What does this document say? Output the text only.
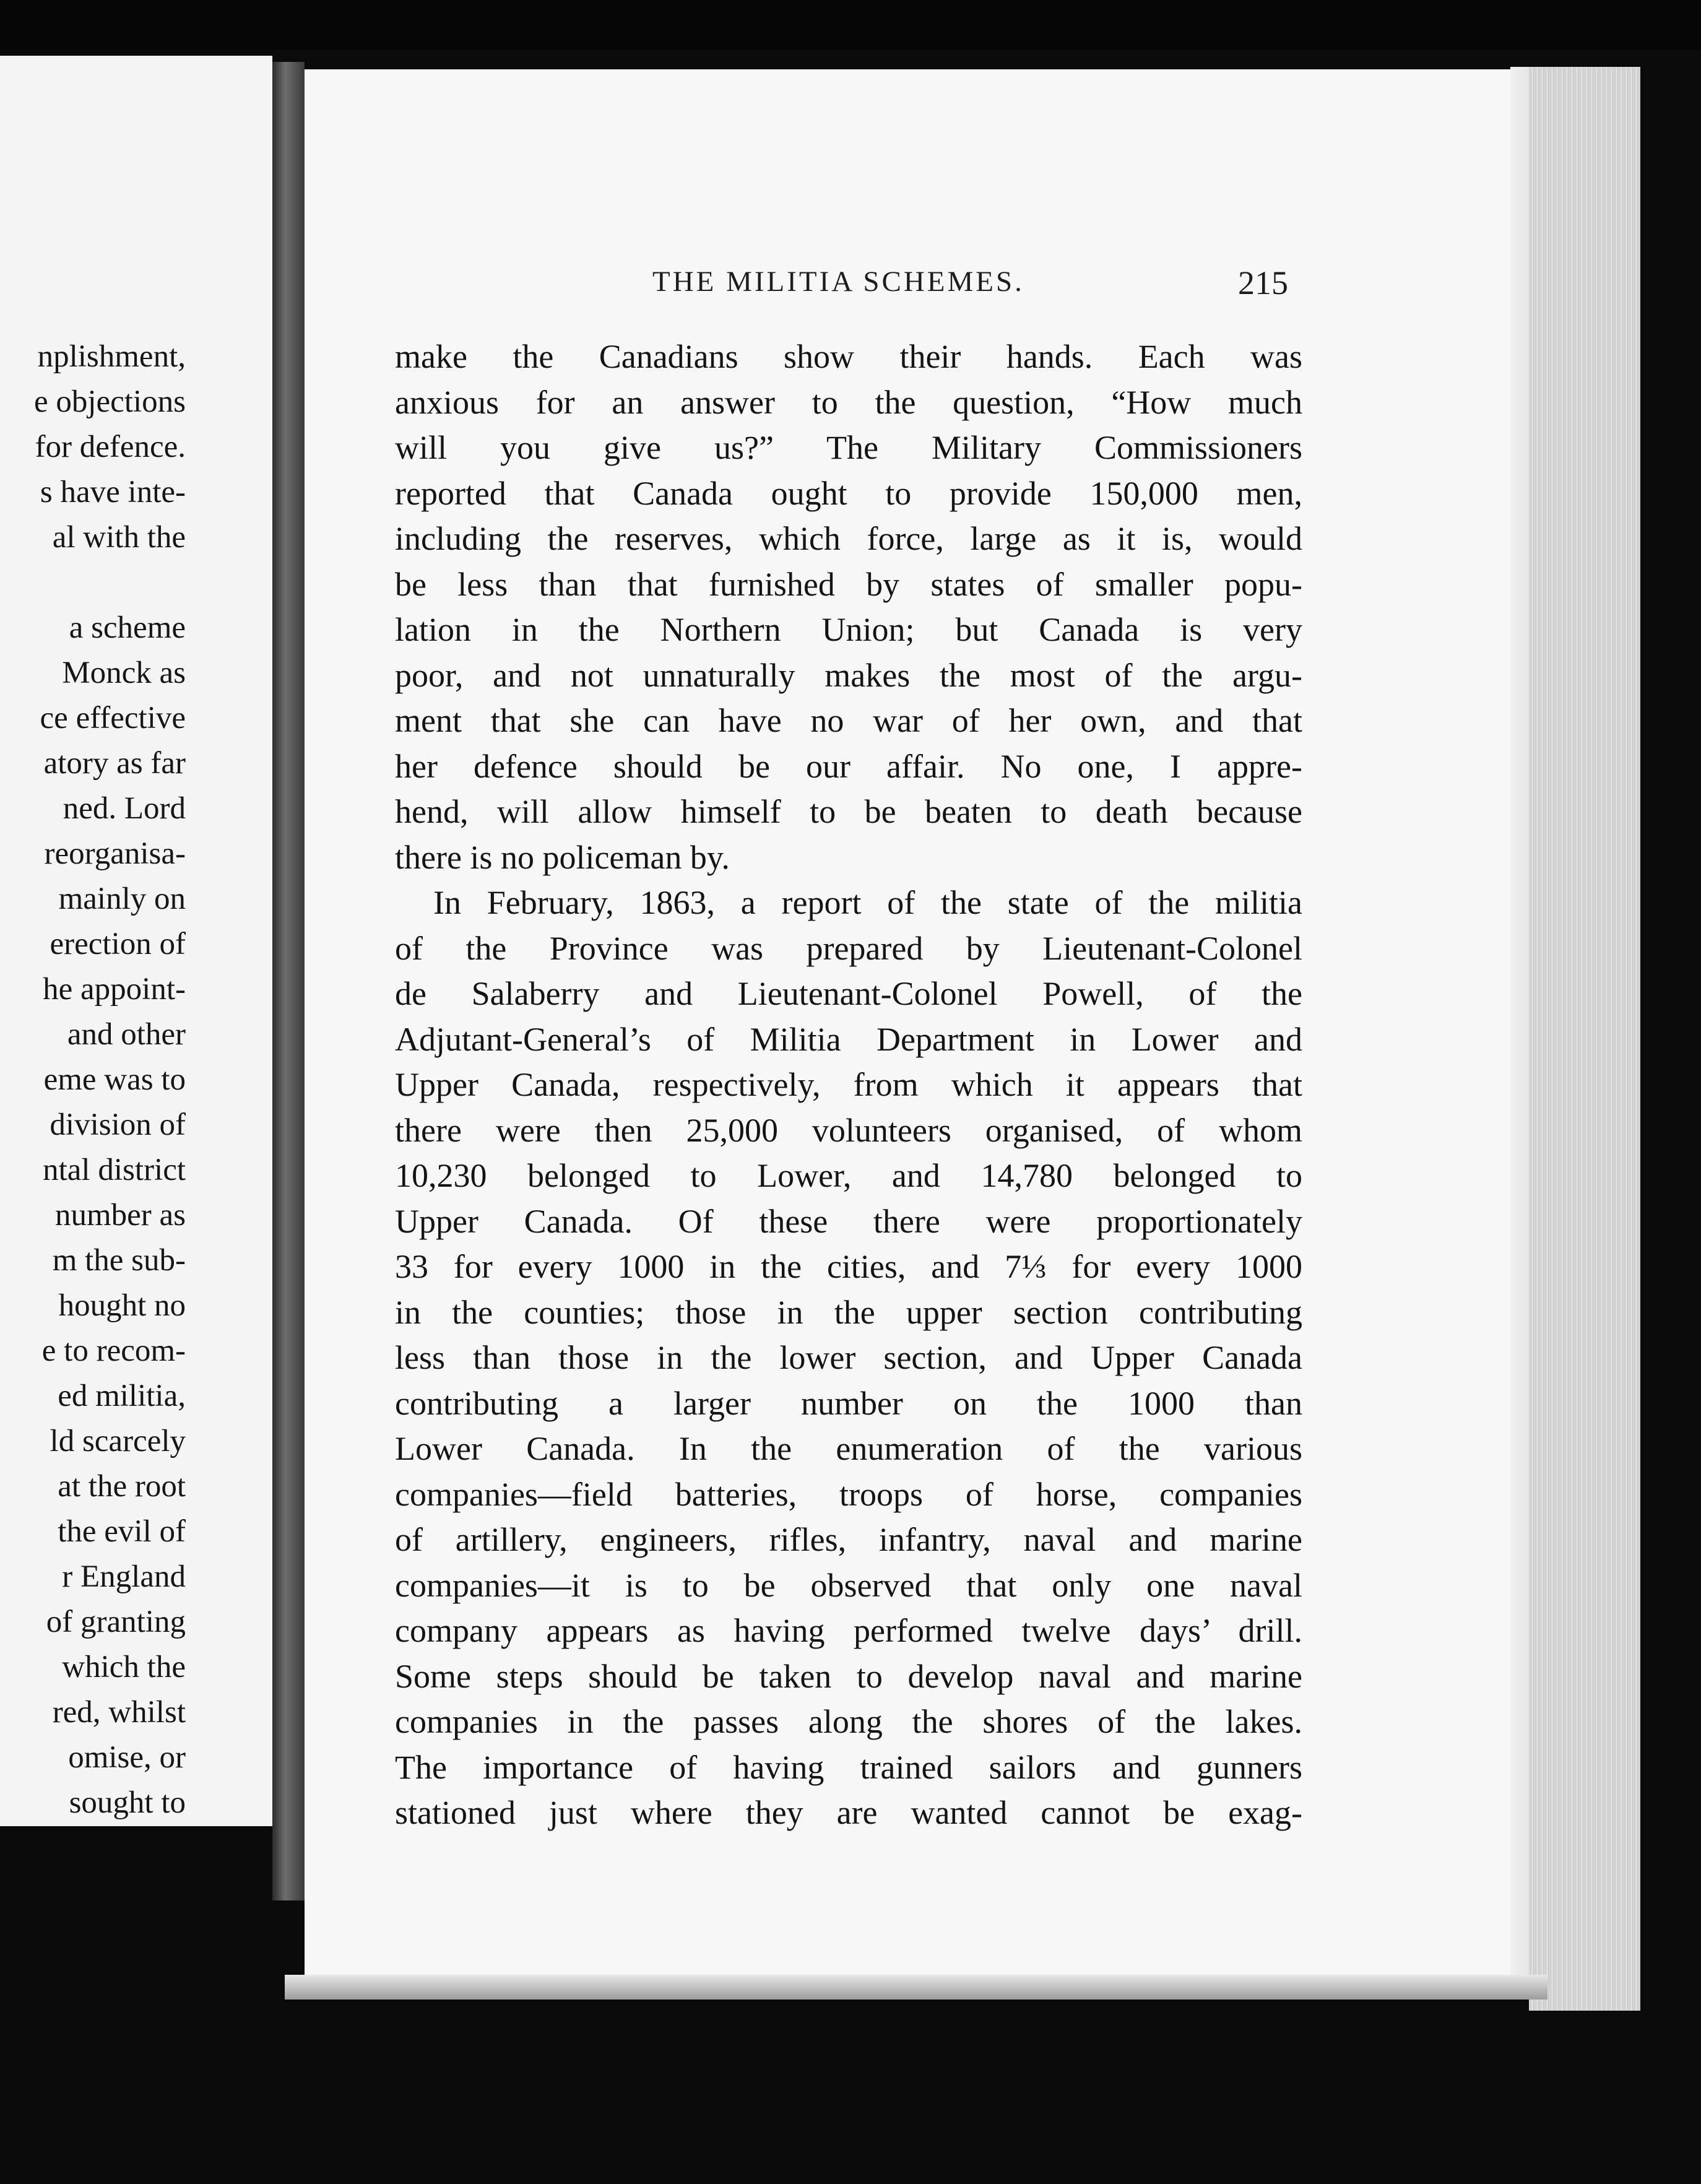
nplishment,
e objections
for defence.
s have inte-
al with the
a scheme
Monck as
ce effective
atory as far
ned. Lord
reorganisa-
mainly on
erection of
he appoint-
and other
eme was to
division of
ntal district
number as
m the sub-
hought no
e to recom-
ed militia,
ld scarcely
at the root
the evil of
r England
of granting
which the
red, whilst
omise, or
sought to
THE MILITIA SCHEMES.	215
make the Canadians show their hands. Each was
anxious for an answer to the question, “How much
will you give us?” The Military Commissioners
reported that Canada ought to provide 150,000 men,
including the reserves, which force, large as it is, would
be less than that furnished by states of smaller popu-
lation in the Northern Union; but Canada is very
poor, and not unnaturally makes the most of the argu-
ment that she can have no war of her own, and that
her defence should be our affair. No one, I appre-
hend, will allow himself to be beaten to death because
there is no policeman by.
In February, 1863, a report of the state of the militia
of the Province was prepared by Lieutenant-Colonel
de Salaberry and Lieutenant-Colonel Powell, of the
Adjutant-General’s of Militia Department in Lower and
Upper Canada, respectively, from which it appears that
there were then 25,000 volunteers organised, of whom
10,230 belonged to Lower, and 14,780 belonged to
Upper Canada. Of these there were proportionately
33 for every 1000 in the cities, and 7⅓ for every 1000
in the counties; those in the upper section contributing
less than those in the lower section, and Upper Canada
contributing a larger number on the 1000 than
Lower Canada. In the enumeration of the various
companies—field batteries, troops of horse, companies
of artillery, engineers, rifles, infantry, naval and marine
companies—it is to be observed that only one naval
company appears as having performed twelve days’ drill.
Some steps should be taken to develop naval and marine
companies in the passes along the shores of the lakes.
The importance of having trained sailors and gunners
stationed just where they are wanted cannot be exag-
